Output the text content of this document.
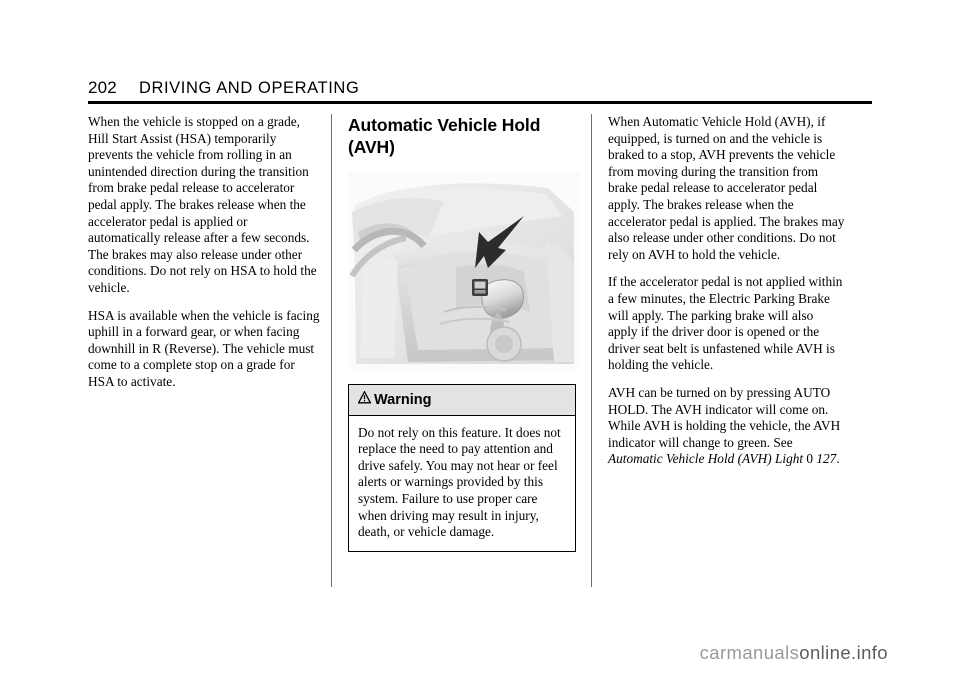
202 DRIVING AND OPERATING

When the vehicle is stopped on a grade, Hill Start Assist (HSA) temporarily prevents the vehicle from rolling in an unintended direction during the transition from brake pedal release to accelerator pedal apply. The brakes release when the accelerator pedal is applied or automatically release after a few seconds. The brakes may also release under other conditions. Do not rely on HSA to hold the vehicle.

HSA is available when the vehicle is facing uphill in a forward gear, or when facing downhill in R (Reverse). The vehicle must come to a complete stop on a grade for HSA to activate.

Automatic Vehicle Hold (AVH)
Warning

Do not rely on this feature. It does not replace the need to pay attention and drive safely. You may not hear or feel alerts or warnings provided by this system. Failure to use proper care when driving may result in injury, death, or vehicle damage.

When Automatic Vehicle Hold (AVH), if equipped, is turned on and the vehicle is braked to a stop, AVH prevents the vehicle from moving during the transition from brake pedal release to accelerator pedal apply. The brakes release when the accelerator pedal is applied. The brakes may also release under other conditions. Do not rely on AVH to hold the vehicle.

If the accelerator pedal is not applied within a few minutes, the Electric Parking Brake will apply. The parking brake will also apply if the driver door is opened or the driver seat belt is unfastened while AVH is holding the vehicle.

AVH can be turned on by pressing AUTO HOLD. The AVH indicator will come on. While AVH is holding the vehicle, the AVH indicator will change to green. See Automatic Vehicle Hold (AVH) Light 0 127.

carmanualsonline.info
